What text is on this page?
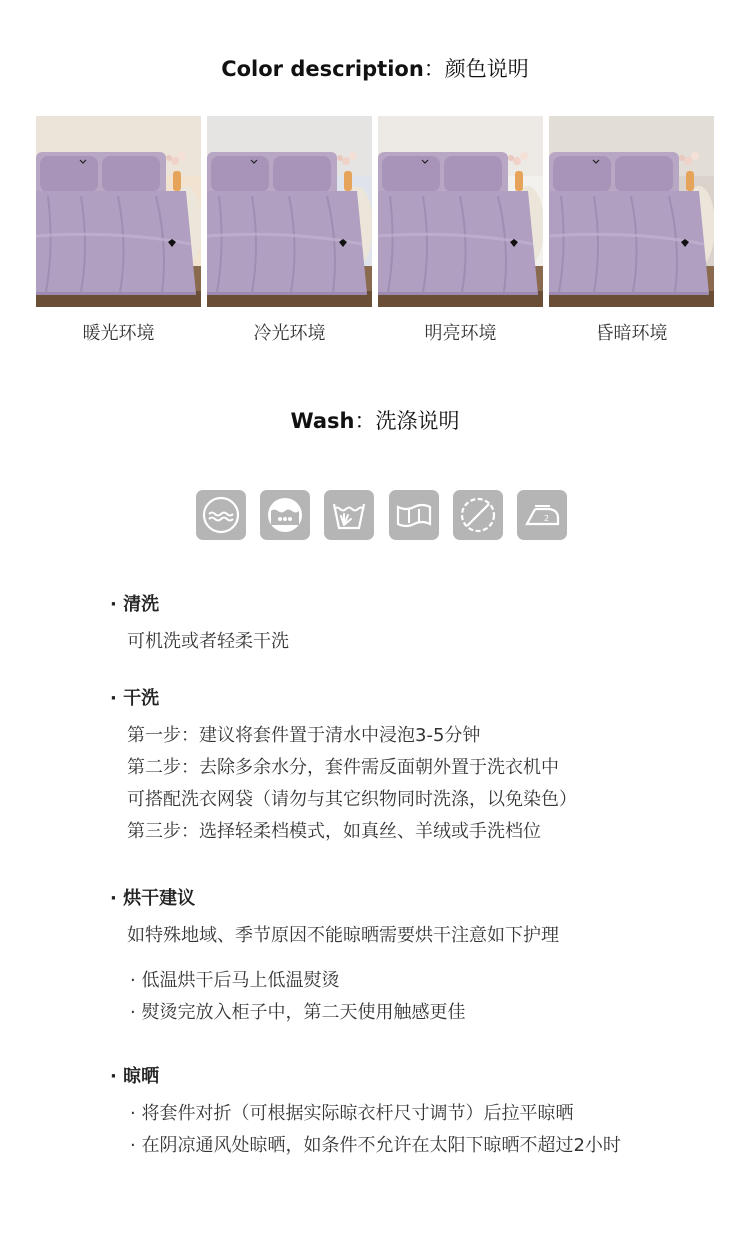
Color description：颜色说明
暖光环境	冷光环境	明亮环境	昏暗环境
Wash：洗涤说明
2
· 清洗
可机洗或者轻柔干洗
· 干洗
第一步：建议将套件置于清水中浸泡3-5分钟
第二步：去除多余水分，套件需反面朝外置于洗衣机中
可搭配洗衣网袋（请勿与其它织物同时洗涤，以免染色）
第三步：选择轻柔档模式，如真丝、羊绒或手洗档位
· 烘干建议
如特殊地域、季节原因不能晾晒需要烘干注意如下护理
· 低温烘干后马上低温熨烫
· 熨烫完放入柜子中，第二天使用触感更佳
· 晾晒
· 将套件对折（可根据实际晾衣杆尺寸调节）后拉平晾晒
· 在阴凉通风处晾晒，如条件不允许在太阳下晾晒不超过2小时
